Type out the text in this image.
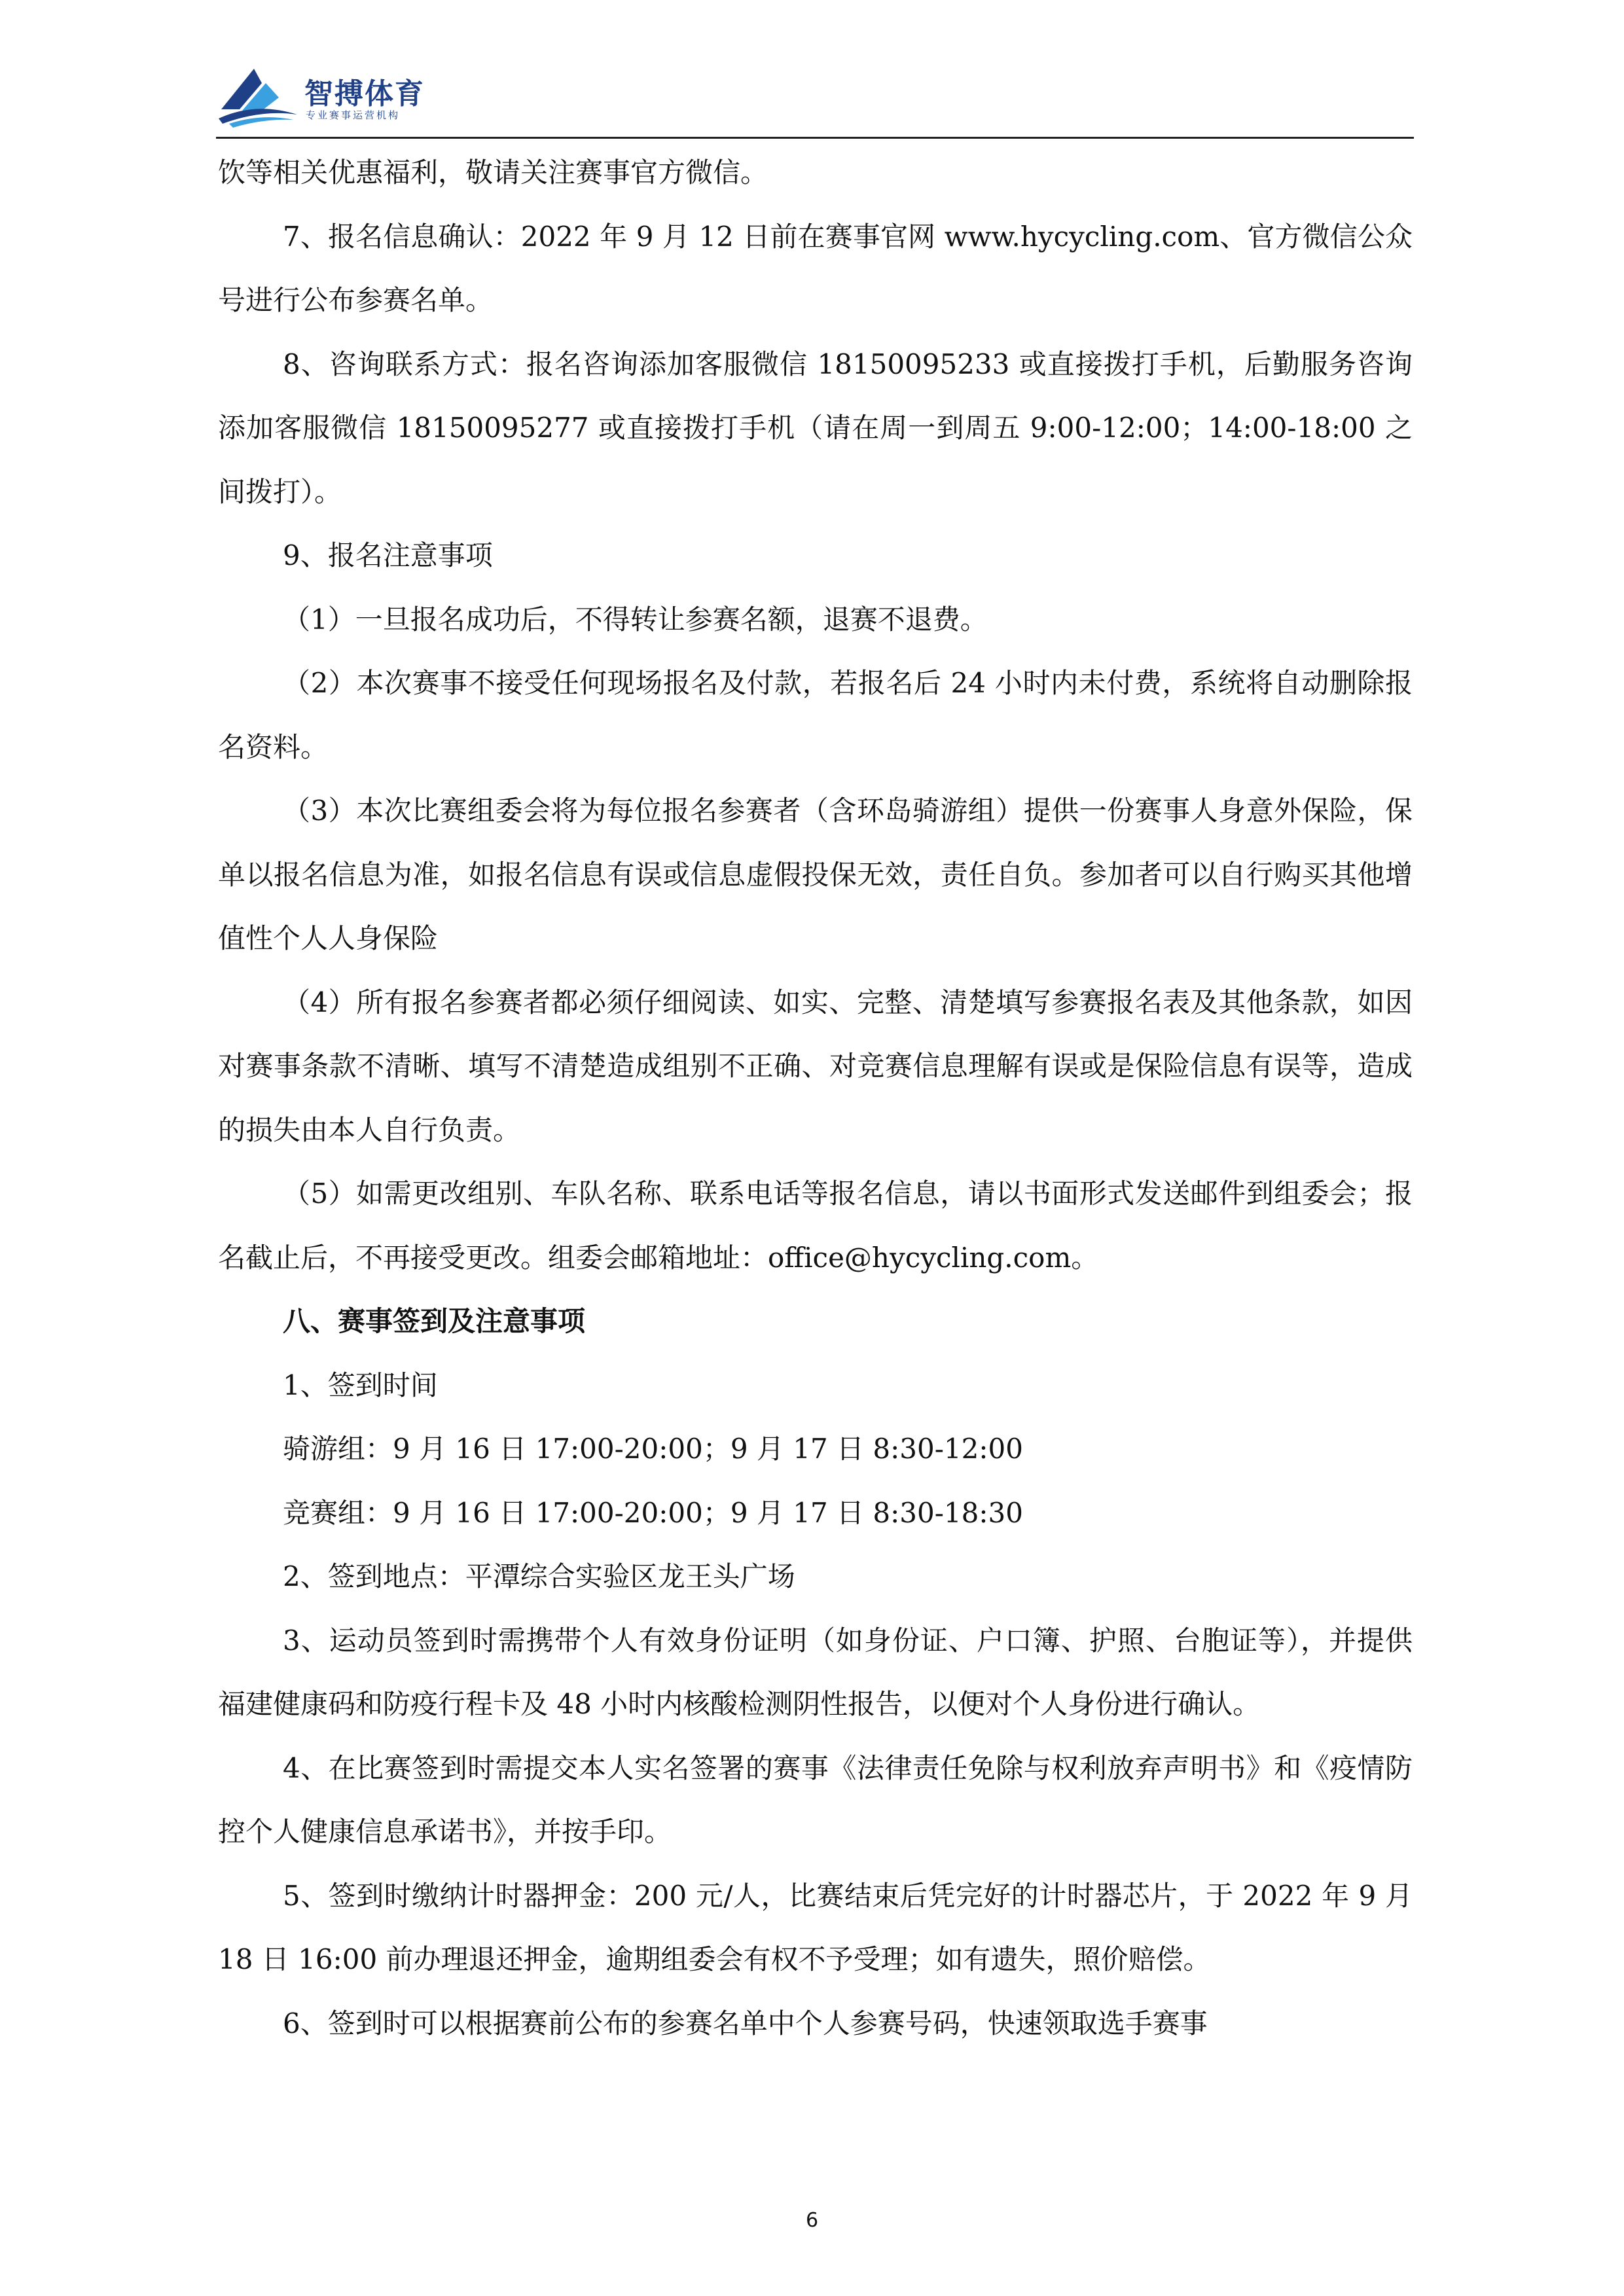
智搏体育
专业赛事运营机构

饮等相关优惠福利，敬请关注赛事官方微信。

7、报名信息确认：2022 年 9 月 12 日前在赛事官网 www.hycycling.com、官方微信公众号进行公布参赛名单。

8、咨询联系方式：报名咨询添加客服微信 18150095233 或直接拨打手机，后勤服务咨询添加客服微信 18150095277 或直接拨打手机（请在周一到周五 9:00-12:00；14:00-18:00 之间拨打）。

9、报名注意事项

（1）一旦报名成功后，不得转让参赛名额，退赛不退费。

（2）本次赛事不接受任何现场报名及付款，若报名后 24 小时内未付费，系统将自动删除报名资料。

（3）本次比赛组委会将为每位报名参赛者（含环岛骑游组）提供一份赛事人身意外保险，保单以报名信息为准，如报名信息有误或信息虚假投保无效，责任自负。参加者可以自行购买其他增值性个人人身保险

（4）所有报名参赛者都必须仔细阅读、如实、完整、清楚填写参赛报名表及其他条款，如因对赛事条款不清晰、填写不清楚造成组别不正确、对竞赛信息理解有误或是保险信息有误等，造成的损失由本人自行负责。

（5）如需更改组别、车队名称、联系电话等报名信息，请以书面形式发送邮件到组委会；报名截止后，不再接受更改。组委会邮箱地址：office@hycycling.com。

八、赛事签到及注意事项

1、签到时间

骑游组：9 月 16 日 17:00-20:00；9 月 17 日 8:30-12:00

竞赛组：9 月 16 日 17:00-20:00；9 月 17 日 8:30-18:30

2、签到地点：平潭综合实验区龙王头广场

3、运动员签到时需携带个人有效身份证明（如身份证、户口簿、护照、台胞证等），并提供福建健康码和防疫行程卡及 48 小时内核酸检测阴性报告，以便对个人身份进行确认。

4、在比赛签到时需提交本人实名签署的赛事《法律责任免除与权利放弃声明书》和《疫情防控个人健康信息承诺书》，并按手印。

5、签到时缴纳计时器押金：200 元/人，比赛结束后凭完好的计时器芯片，于 2022 年 9 月 18 日 16:00 前办理退还押金，逾期组委会有权不予受理；如有遗失，照价赔偿。

6、签到时可以根据赛前公布的参赛名单中个人参赛号码，快速领取选手赛事

6
